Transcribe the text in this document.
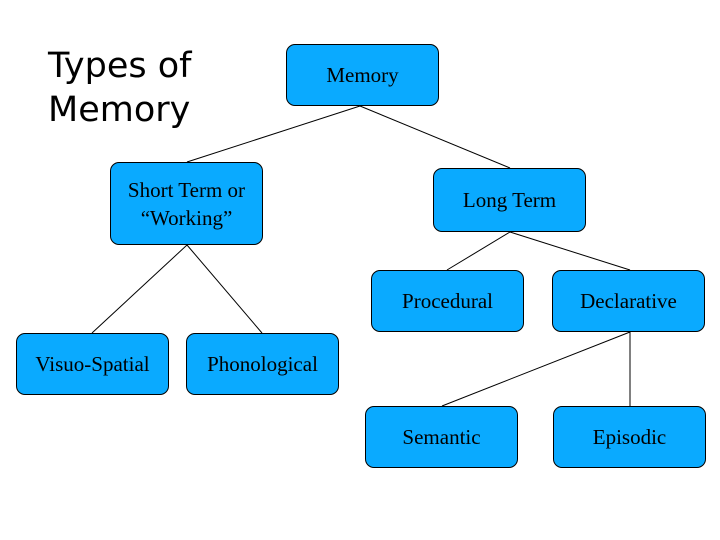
Types of
Memory
Memory
Short Term or
“Working”
Long Term
Procedural	Declarative
Visuo-Spatial	Phonological
Semantic	Episodic
